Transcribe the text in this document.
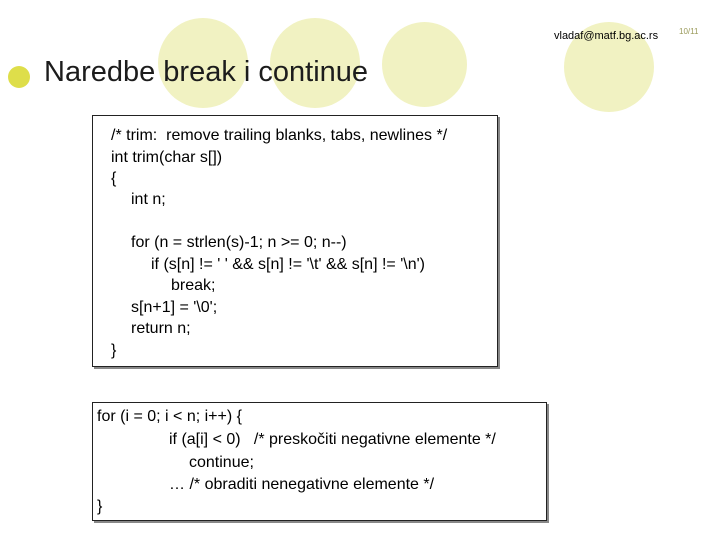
vladaf@matf.bg.ac.rs	10/11
Naredbe break i continue
/* trim:  remove trailing blanks, tabs, newlines */
int trim(char s[])
{
int n;
for (n = strlen(s)-1; n >= 0; n--)
if (s[n] != ' ' && s[n] != '\t' && s[n] != '\n')
break;
s[n+1] = '\0';
return n;
}
for (i = 0; i < n; i++) {
if (a[i] < 0)   /* preskočiti negativne elemente */
continue;
… /* obraditi nenegativne elemente */
}
